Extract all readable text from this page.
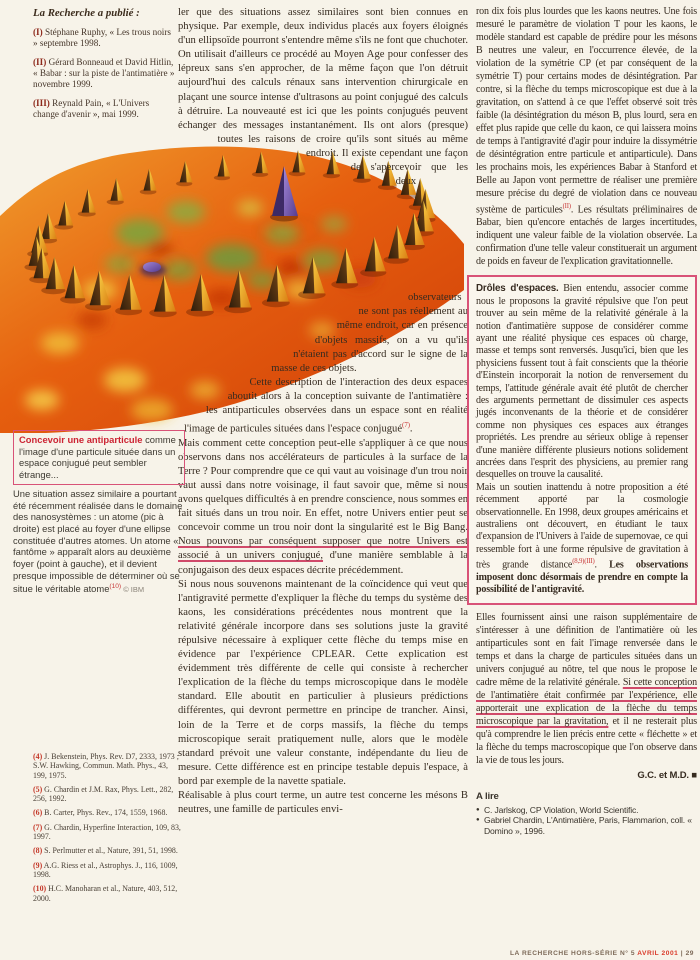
La Recherche a publié :
(I) Stéphane Ruphy, « Les trous noirs » septembre 1998.
(II) Gérard Bonneaud et David Hitlin, « Babar : sur la piste de l'antimatière » novembre 1999.
(III) Reynald Pain, « L'Univers change d'avenir », mai 1999.
Concevoir une antiparticule comme l'image d'une particule située dans un espace conjugué peut sembler étrange...
Une situation assez similaire a pourtant été récemment réalisée dans le domaine des nanosystèmes : un atome (pic à droite) est placé au foyer d'une ellipse constituée d'autres atomes. Un atome « fantôme » apparaît alors au deuxième foyer (point à gauche), et il devient presque impossible de déterminer où se situe le véritable atome$^{(10)}$ © IBM
(4) J. Bekenstein, Phys. Rev. D7, 2333, 1973 ; S.W. Hawking, Commun. Math. Phys., 43, 199, 1975.
(5) G. Chardin et J.M. Rax, Phys. Lett., 282, 256, 1992.
(6) B. Carter, Phys. Rev., 174, 1559, 1968.
(7) G. Chardin, Hyperfine Interaction, 109, 83, 1997.
(8) S. Perlmutter et al., Nature, 391, 51, 1998.
(9) A.G. Riess et al., Astrophys. J., 116, 1009, 1998.
(10) H.C. Manoharan et al., Nature, 403, 512, 2000.

ler que des situations assez similaires sont bien connues en physique. Par exemple, deux individus placés aux foyers éloignés d'un ellipsoïde pourront s'entendre même s'ils ne font que chuchoter. On utilisait d'ailleurs ce procédé au Moyen Age pour confesser des lépreux sans s'en approcher, de la même façon que l'on détruit aujourd'hui des calculs rénaux sans intervention chirurgicale en plaçant une source intense d'ultrasons au point conjugué des calculs à détruire. La nouveauté est ici que les points conjugués peuvent échanger des messages instantanément. Ils ont alors (presque) toutes les raisons de croire qu'ils sont situés au même endroit. Il existe cependant une façon de s'apercevoir que les deux observateurs ne sont pas réellement au même endroit, car en présence d'objets massifs, on a vu qu'ils n'étaient pas d'accord sur le signe de la masse de ces objets.

Cette description de l'interaction des deux espaces aboutit alors à la conception suivante de l'antimatière : les antiparticules observées dans un espace sont en réalité l'image de particules situées dans l'espace conjugué$^{(7)}$.

Mais comment cette conception peut-elle s'appliquer à ce que nous observons dans nos accélérateurs de particules à la surface de la Terre ? Pour comprendre que ce qui vaut au voisinage d'un trou noir vaut aussi dans notre voisinage, il faut savoir que, même si nous avons quelques difficultés à en prendre conscience, nous sommes en fait situés dans un trou noir. En effet, notre Univers entier peut se concevoir comme un trou noir dont la singularité est le Big Bang. Nous pouvons par conséquent supposer que notre Univers est associé à un univers conjugué, d'une manière semblable à la conjugaison des deux espaces décrite précédemment.

Si nous nous souvenons maintenant de la coïncidence qui veut que l'antigravité permette d'expliquer la flèche du temps du système des kaons, les considérations précédentes nous montrent que la relativité générale incorpore dans ses solutions juste la gravité répulsive nécessaire à expliquer cette flèche du temps mise en évidence par l'expérience CPLEAR. Cette explication est évidemment très différente de celle qui consiste à rechercher l'explication de la flèche du temps microscopique dans le modèle standard. Elle aboutit en particulier à plusieurs prédictions différentes, qui devront permettre en principe de trancher. Ainsi, loin de la Terre et de corps massifs, la flèche du temps microscopique serait pratiquement nulle, alors que le modèle standard prévoit une valeur constante, indépendante du lieu de mesure. Cette différence est en principe testable depuis l'espace, à bord par exemple de la navette spatiale.

Réalisable à plus court terme, un autre test concerne les mésons B neutres, une famille de particules envi-

ron dix fois plus lourdes que les kaons neutres. Une fois mesuré le paramètre de violation T pour les kaons, le modèle standard est capable de prédire pour les mésons B neutres une valeur, en l'occurrence élevée, de la violation de la symétrie CP (et par conséquent de la symétrie T) pour certains modes de désintégration. Par contre, si la flèche du temps microscopique est due à la gravitation, on s'attend à ce que l'effet observé soit très faible (la désintégration du méson B, plus lourd, sera en effet plus rapide que celle du kaon, ce qui laissera moins de temps à l'antigravité d'agir pour induire la dissymétrie de désintégration entre particule et antiparticule). Dans les prochains mois, les expériences Babar à Stanford et Belle au Japon vont permettre de réaliser une première mesure précise du degré de violation dans ce nouveau système de particules$^{(II)}$. Les résultats préliminaires de Babar, bien qu'encore entachés de larges incertitudes, indiquent une valeur faible de la violation observée. La confirmation d'une telle valeur constituerait un argument de poids en faveur de l'explication gravitationnelle.

Drôles d'espaces. Bien entendu, associer comme nous le proposons la gravité répulsive que l'on peut trouver au sein même de la relativité générale à la notion d'antimatière suppose de considérer comme ayant une réalité physique ces espaces où charge, masse et temps sont renversés. Jusqu'ici, bien que les physiciens fussent tout à fait conscients que la théorie d'Einstein incorporait la notion de renversement du temps, l'attitude générale avait été plutôt de chercher des arguments permettant de dissimuler ces aspects jugés inconvenants de la théorie et de considérer comme non physiques ces espaces aux étranges propriétés. Les prendre au sérieux oblige à repenser d'une manière différente plusieurs notions solidement ancrées dans l'esprit des physiciens, au premier rang desquelles on trouve la causalité.

Mais un soutien inattendu à notre proposition a été récemment apporté par la cosmologie observationnelle. En 1998, deux groupes américains et australiens ont découvert, en étudiant le taux d'expansion de l'Univers à l'aide de supernovae, ce qui ressemble fort à une forme répulsive de gravitation à très grande distance$^{(8,9)(III)}$. Les observations imposent donc désormais de prendre en compte la possibilité de l'antigravité.

Elles fournissent ainsi une raison supplémentaire de s'intéresser à une définition de l'antimatière où les antiparticules sont en fait l'image renversée dans le temps et dans la charge de particules situées dans un univers conjugué au nôtre, tel que nous le propose le cadre même de la relativité générale. Si cette conception de l'antimatière était confirmée par l'expérience, elle apporterait une explication de la flèche du temps microscopique par la gravitation, et il ne resterait plus qu'à comprendre le lien précis entre cette « fléchette » et la flèche du temps macroscopique que l'on observe dans la vie de tous les jours.

G.C. et M.D. ■
A lire
● C. Jarlskog, CP Violation, World Scientific.
● Gabriel Chardin, L'Antimatière, Paris, Flammarion, coll. « Domino », 1996.
LA RECHERCHE HORS-SÉRIE N° 5 AVRIL 2001 | 29
